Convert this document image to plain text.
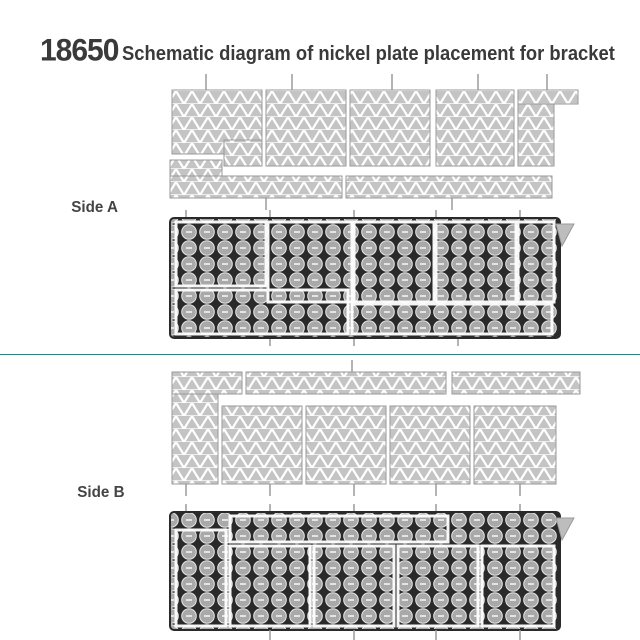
18650 Schematic diagram of nickel plate placement for bracket
Side A
Side B
